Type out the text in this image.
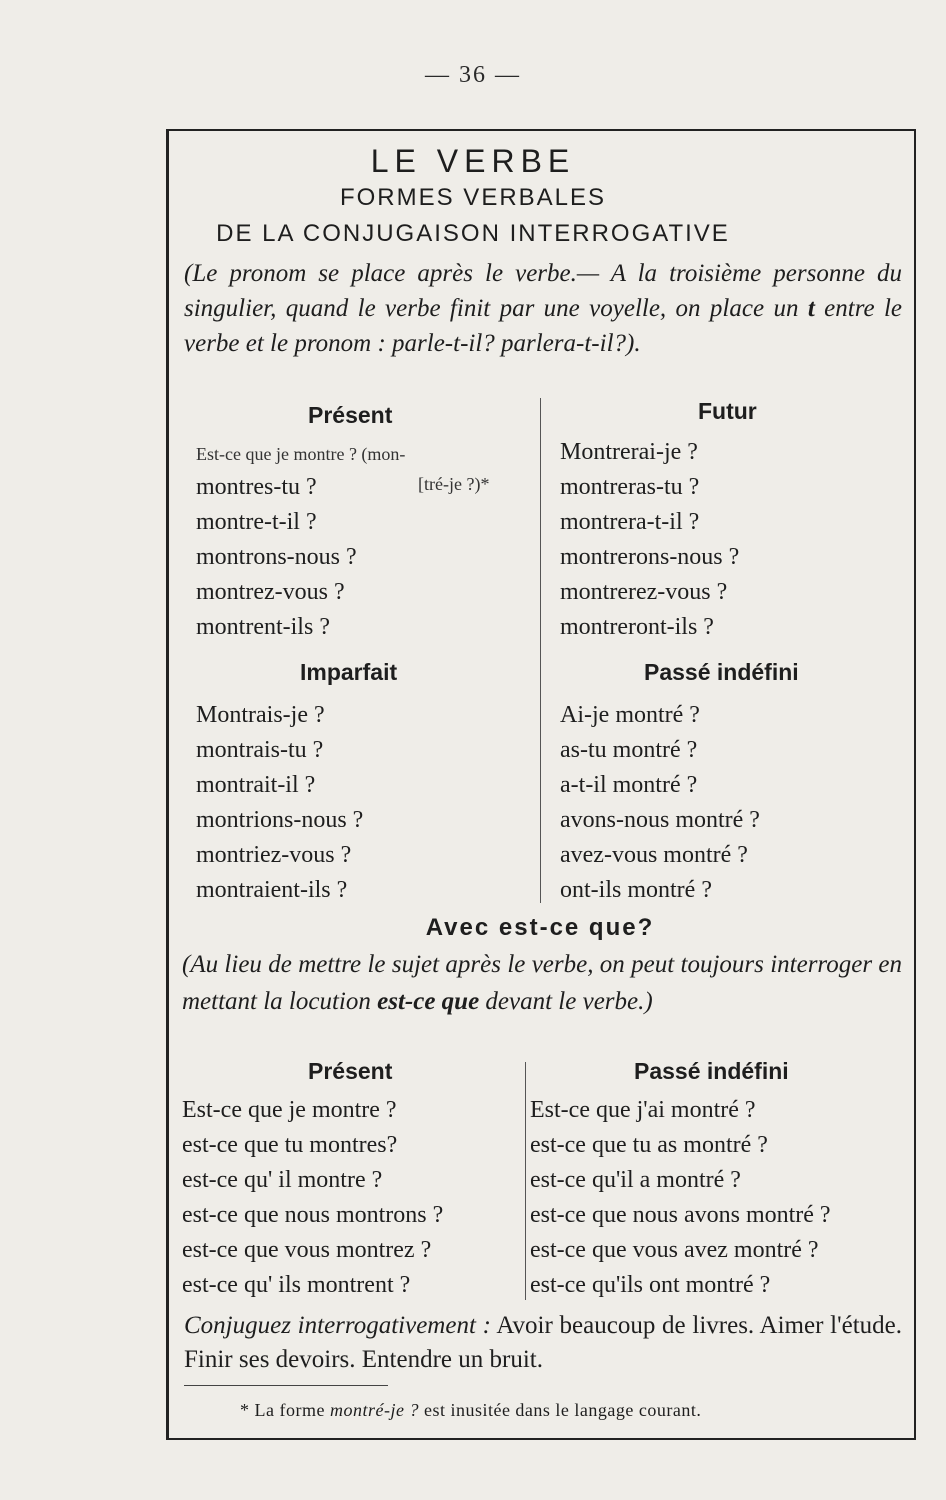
— 36 —
LE VERBE
FORMES VERBALES
DE LA CONJUGAISON INTERROGATIVE
(Le pronom se place après le verbe.— A la troisième personne du singulier, quand le verbe finit par une voyelle, on place un t entre le verbe et le pronom : parle-t-il? parlera-t-il?).
Présent
Est-ce que je montre ? (mon-
[tré-je ?)*
montres-tu ?
montre-t-il ?
montrons-nous ?
montrez-vous ?
montrent-ils ?
Futur
Montrerai-je ?
montreras-tu ?
montrera-t-il ?
montrerons-nous ?
montrerez-vous ?
montreront-ils ?
Imparfait
Montrais-je ?
montrais-tu ?
montrait-il ?
montrions-nous ?
montriez-vous ?
montraient-ils ?
Passé indéfini
Ai-je montré ?
as-tu montré ?
a-t-il montré ?
avons-nous montré ?
avez-vous montré ?
ont-ils montré ?
Avec est-ce que?
(Au lieu de mettre le sujet après le verbe, on peut toujours interroger en mettant la locution est-ce que devant le verbe.)
Présent	Passé indéfini
Est-ce que je montre ?
est-ce que tu montres?
est-ce qu' il montre ?
est-ce que nous montrons ?
est-ce que vous montrez ?
est-ce qu' ils montrent ?
Est-ce que j'ai montré ?
est-ce que tu as montré ?
est-ce qu'il a montré ?
est-ce que nous avons montré ?
est-ce que vous avez montré ?
est-ce qu'ils ont montré ?
Conjuguez interrogativement : Avoir beaucoup de livres. Aimer l'étude. Finir ses devoirs. Entendre un bruit.
* La forme montré-je ? est inusitée dans le langage courant.
